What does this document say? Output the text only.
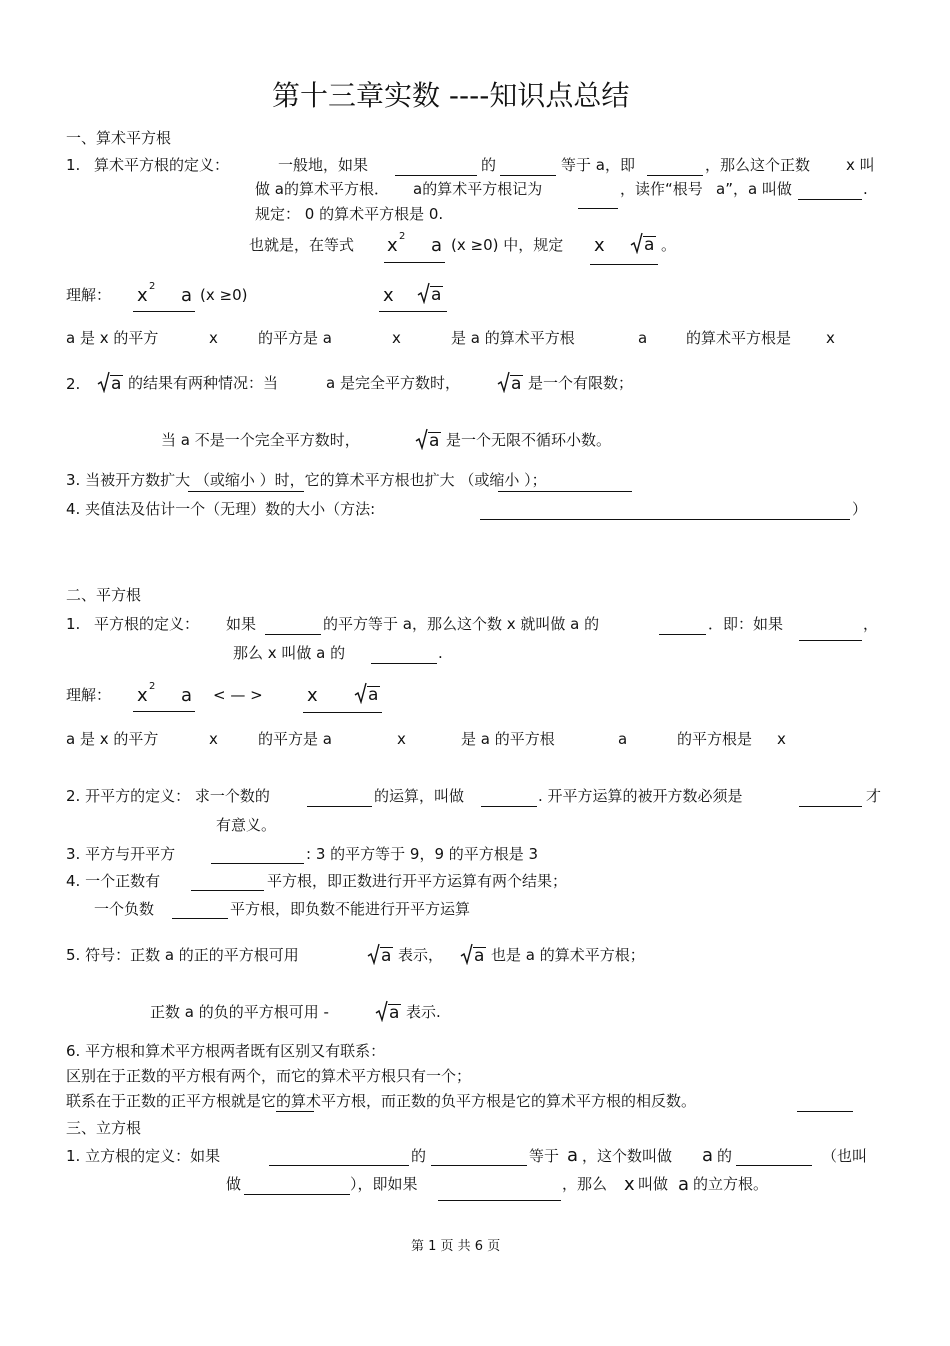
第十三章实数 ----知识点总结
一、算术平方根
1. 算术平方根的定义：	一般地，如果	的	等于 a，即	，那么这个正数 x 叫
做 a的算术平方根． a的算术平方根记为	，读作“根号 a”，a 叫做	.
规定： 0 的算术平方根是 0.
也就是，在等式 x 2 a (x ≥0) 中，规定 x a 。
理解： x 2 a (x ≥0)	x a
a 是 x 的平方	x	的平方是 a	x	是 a 的算术平方根	a	的算术平方根是 x
2. a 的结果有两种情况：当	a 是完全平方数时，	a 是一个有限数；
当 a 不是一个完全平方数时，	a 是一个无限不循环小数。
3. 当被开方数扩大 （或缩小 ）时，它的算术平方根也扩大 （或缩小 ）；
4. 夹值法及估计一个（无理）数的大小（方法:	）
二、平方根
1. 平方根的定义： 如果	的平方等于 a，那么这个数 x 就叫做 a 的	．即：如果	，
那么 x 叫做 a 的	.
理解： x 2 a < — > x	a
a 是 x 的平方	x	的平方是 a	x	是 a 的平方根	a	的平方根是 x
2. 开平方的定义： 求一个数的	的运算，叫做	. 开平方运算的被开方数必须是	才
有意义。
3. 平方与开平方	: 3 的平方等于 9，9 的平方根是 3
4. 一个正数有	平方根，即正数进行开平方运算有两个结果；
一个负数	平方根，即负数不能进行开平方运算
5. 符号：正数 a 的正的平方根可用	a 表示， a 也是 a 的算术平方根；
正数 a 的负的平方根可用 -	a 表示.
6. 平方根和算术平方根两者既有区别又有联系：
区别在于正数的平方根有两个，而它的算术平方根只有一个；
联系在于正数的正平方根就是它的算术平方根，而正数的负平方根是它的算术平方根的相反数。
三、立方根
1. 立方根的定义：如果	的	等于 a ，这个数叫做 a 的	（也叫
做	），即如果	，那么 x 叫做 a 的立方根。
第 1 页 共 6 页
